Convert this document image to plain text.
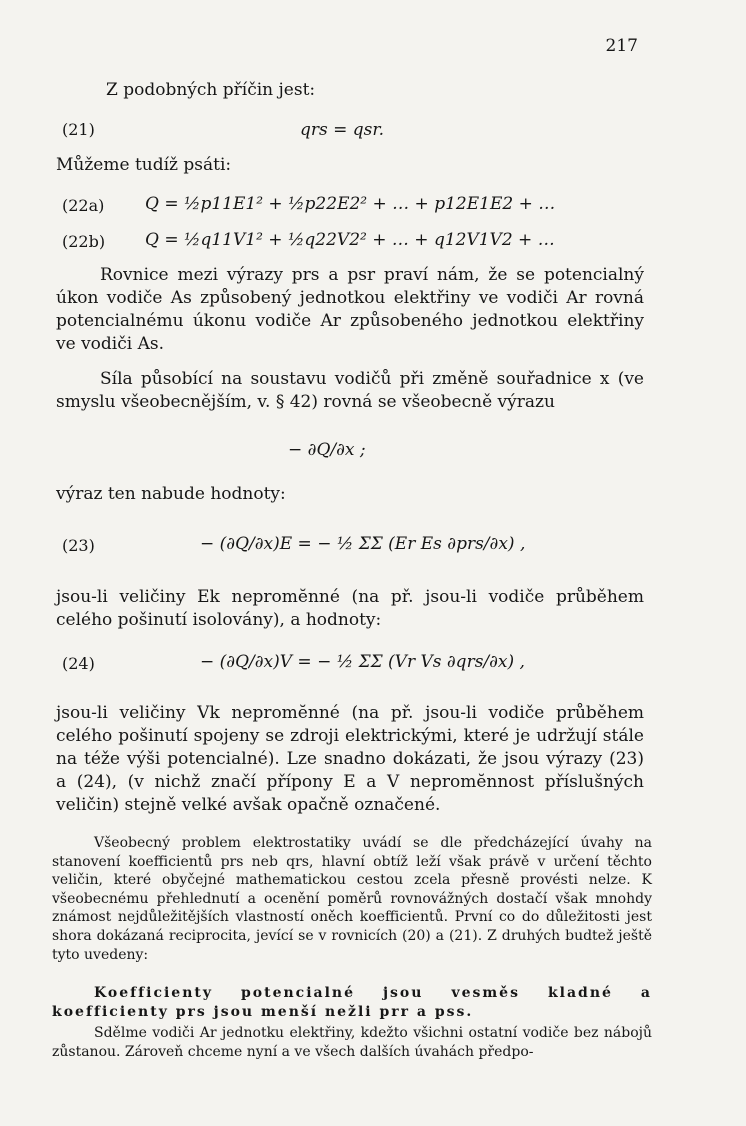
217
Z podobných příčin jest:
(21)	qrs = qsr.
Můžeme tudíž psáti:
(22a) Q = ½p11E1² + ½p22E2² + … + p12E1E2 + …
(22b) Q = ½q11V1² + ½q22V2² + … + q12V1V2 + …
Rovnice mezi výrazy prs a psr praví nám, že se potencialný úkon vodiče As způsobený jednotkou elektřiny ve vodiči Ar rovná potencialnému úkonu vodiče Ar způsobeného jednotkou elektřiny ve vodiči As.
Síla působící na soustavu vodičů při změně souřadnice x (ve smyslu všeobecnějším, v. § 42) rovná se všeobecně výrazu
− ∂Q/∂x ;
výraz ten nabude hodnoty:
(23)	− (∂Q/∂x)E = − ½ ΣΣ (Er Es ∂prs/∂x) ,
jsou-li veličiny Ek nepromĕnné (na př. jsou-li vodiče průběhem celého pošinutí isolovány), a hodnoty:
(24)	− (∂Q/∂x)V = − ½ ΣΣ (Vr Vs ∂qrs/∂x) ,
jsou-li veličiny Vk nepromĕnné (na př. jsou-li vodiče průběhem celého pošinutí spojeny se zdroji elektrickými, které je udržují stále na téže výši potencialné). Lze snadno dokázati, že jsou výrazy (23) a (24), (v nichž značí přípony E a V nepromĕnnost příslušných veličin) stejně velké avšak opačně označené.
Všeobecný problem elektrostatiky uvádí se dle předcházející úvahy na stanovení koefficientů prs neb qrs, hlavní obtíž leží však právě v určení těchto veličin, které obyčejné mathematickou cestou zcela přesně provésti nelze. K všeobecnému přehlednutí a ocenění poměrů rovnovážných dostačí však mnohdy známost nejdůležitějších vlastností oněch koefficientů. První co do důležitosti jest shora dokázaná reciprocita, jevící se v rovnicích (20) a (21). Z druhých budtež ještě tyto uvedeny:
Koefficienty potencialné jsou vesměs kladné a koefficienty prs jsou menší nežli prr a pss.
Sdělme vodiči Ar jednotku elektřiny, kdežto všichni ostatní vodiče bez nábojů zůstanou. Zároveň chceme nyní a ve všech dalších úvahách předpo-
